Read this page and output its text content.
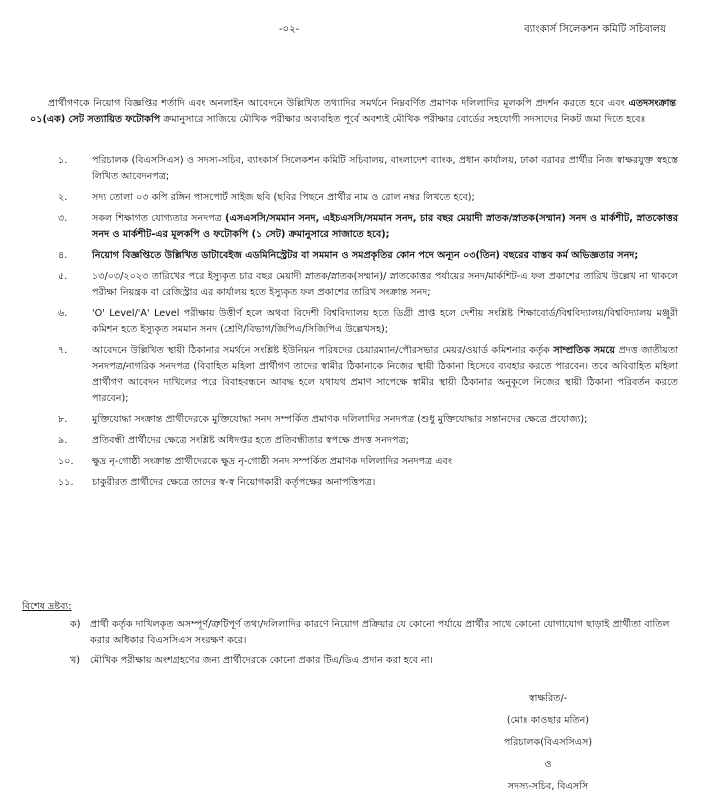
-০২-	ব্যাংকার্স সিলেকশন কমিটি সচিবালয়

প্রার্থীগণকে নিয়োগ বিজ্ঞপ্তির শর্তাদি এবং অনলাইন আবেদনে উল্লিখিত তথ্যাদির সমর্থনে নিম্নবর্ণিত প্রমাণক দলিলাদির মূলকপি প্রদর্শন করতে হবে এবং এতদসংক্রান্ত ০১(এক) সেট সত্যায়িত ফটোকপি ক্রমানুসারে সাজিয়ে মৌখিক পরীক্ষার অব্যবহিত পূর্বে অবশ্যই মৌখিক পরীক্ষার বোর্ডের সহযোগী সদস্যদের নিকট জমা দিতে হবেঃ

১.	পরিচালক (বিএসসিএস) ও সদস্য-সচিব, ব্যাংকার্স সিলেকশন কমিটি সচিবালয়, বাংলাদেশ ব্যাংক, প্রধান কার্যালয়, ঢাকা বরাবর প্রার্থীর নিজ স্বাক্ষরযুক্ত স্বহস্তে লিখিত আবেদনপত্র;
২.	সদ্য তোলা ০৩ কপি রঙ্গিন পাসপোর্ট সাইজ ছবি (ছবির পিছনে প্রার্থীর নাম ও রোল নম্বর লিখতে হবে);
৩.	সকল শিক্ষাগত যোগ্যতার সনদপত্র (এসএসসি/সমমান সনদ, এইচএসসি/সমমান সনদ, চার বছর মেয়াদী স্নাতক/স্নাতক(সম্মান) সনদ ও মার্কশীট, স্নাতকোত্তর সনদ ও মার্কশীট-এর মূলকপি ও ফটোকপি (১ সেট) ক্রমানুসারে সাজাতে হবে);
৪.	নিয়োগ বিজ্ঞপ্তিতে উল্লিখিত ডাটাবেইজ এডমিনিস্ট্রেটর বা সমমান ও সমপ্রকৃতির কোন পদে অন্যূন ০৩(তিন) বছরের বাস্তব কর্ম অভিজ্ঞতার সনদ;
৫.	১৩/০৩/২০২৩ তারিখের পরে ইস্যুকৃত চার বছর মেয়াদী স্নাতক/স্নাতক(সম্মান)/ স্নাতকোত্তর পর্যায়ের সনদ/মার্কশিট-এ ফল প্রকাশের তারিখ উল্লেখ না থাকলে পরীক্ষা নিয়ন্ত্রক বা রেজিস্ট্রার এর কার্যালয় হতে ইস্যুকৃত ফল প্রকাশের তারিখ সংক্রান্ত সনদ;
৬.	'O' Level/'A' Level পরীক্ষায় উত্তীর্ণ হলে অথবা বিদেশী বিশ্ববিদ্যালয় হতে ডিগ্রী প্রাপ্ত হলে দেশীয় সংশ্লিষ্ট শিক্ষাবোর্ড/বিশ্ববিদ্যালয়/বিশ্ববিদ্যালয় মঞ্জুরী কমিশন হতে ইস্যুকৃত সমমান সনদ (শ্রেণি/বিভাগ/জিপিএ/সিজিপিএ উল্লেখসহ);
৭.	আবেদনে উল্লিখিত স্থায়ী ঠিকানার সমর্থনে সংশ্লিষ্ট ইউনিয়ন পরিষদের চেয়ারম্যান/পৌরসভার মেয়র/ওয়ার্ড কমিশনার কর্তৃক সাম্প্রতিক সময়ে প্রদত্ত জাতীয়তা সনদপত্র/নাগরিক সনদপত্র (বিবাহিত মহিলা প্রার্থীগণ তাদের স্বামীর ঠিকানাকে নিজের স্থায়ী ঠিকানা হিসেবে ব্যবহার করতে পারবেন। তবে অবিবাহিত মহিলা প্রার্থীগণ আবেদন দাখিলের পরে বিবাহবন্ধনে আবদ্ধ হলে যথাযথ প্রমাণ সাপেক্ষে স্বামীর স্থায়ী ঠিকানার অনুকূলে নিজের স্থায়ী ঠিকানা পরিবর্তন করতে পারবেন);
৮.	মুক্তিযোদ্ধা সংক্রান্ত প্রার্থীদেরকে মুক্তিযোদ্ধা সনদ সম্পর্কিত প্রমাণক দলিলাদির সনদপত্র (শুধু মুক্তিযোদ্ধার সন্তানদের ক্ষেত্রে প্রযোজ্য);
৯.	প্রতিবন্ধী প্রার্থীদের ক্ষেত্রে সংশ্লিষ্ট অধিদপ্তর হতে প্রতিবন্ধীতার স্বপক্ষে প্রদত্ত সনদপত্র;
১০.	ক্ষুদ্র নৃ-গোষ্ঠী সংক্রান্ত প্রার্থীদেরকে ক্ষুদ্র নৃ-গোষ্ঠী সনদ সম্পর্কিত প্রমাণক দলিলাদির সনদপত্র এবং
১১.	চাকুরীরত প্রার্থীদের ক্ষেত্রে তাদের স্ব-স্ব নিয়োগকারী কর্তৃপক্ষের অনাপত্তিপত্র।
বিশেষ দ্রষ্টব্য:
ক) প্রার্থী কর্তৃক দাখিলকৃত অসম্পূর্ণ/ত্রুটিপূর্ণ তথ্য/দলিলাদির কারণে নিয়োগ প্রক্রিয়ার যে কোনো পর্যায়ে প্রার্থীর সাথে কোনো যোগাযোগ ছাড়াই প্রার্থীতা বাতিল করার অধিকার বিএসসিএস সংরক্ষণ করে।
খ)	মৌখিক পরীক্ষায় অংশগ্রহণের জন্য প্রার্থীদেরকে কোনো প্রকার টিএ/ডিএ প্রদান করা হবে না।
স্বাক্ষরিত/-
(মোঃ কাওছার মতিন)
পরিচালক(বিএসসিএস)
ও
সদস্য-সচিব, বিএসসি
